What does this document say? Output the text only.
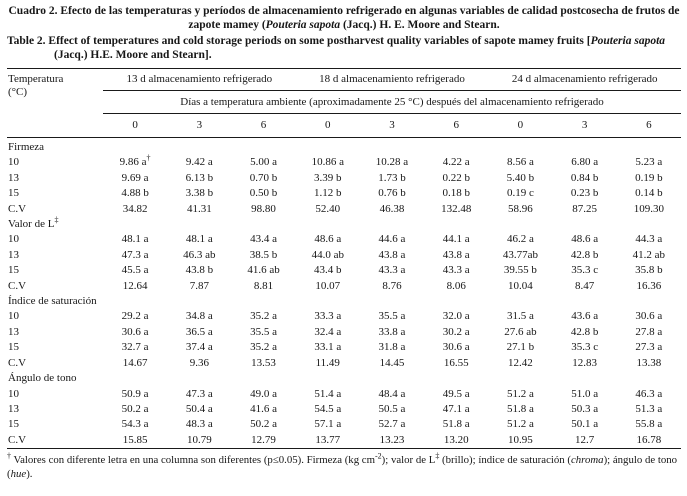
Cuadro 2. Efecto de las temperaturas y períodos de almacenamiento refrigerado en algunas variables de calidad postcosecha de frutos de zapote mamey (Pouteria sapota (Jacq.) H. E. Moore and Stearn.
Table 2. Effect of temperatures and cold storage periods on some postharvest quality variables of sapote mamey fruits [Pouteria sapota (Jacq.) H.E. Moore and Stearn].
Temperatura (°C)	13 d almacenamiento refrigerado			18 d almacenamiento refrigerado			24 d almacenamiento refrigerado		
	Días a temperatura ambiente (aproximadamente 25 °C) después del almacenamiento refrigerado								
	0	3	6	0	3	6	0	3	6
Firmeza									
10	9.86 a†	9.42 a	5.00 a	10.86 a	10.28 a	4.22 a	8.56 a	6.80 a	5.23 a
13	9.69 a	6.13 b	0.70 b	3.39 b	1.73 b	0.22 b	5.40 b	0.84 b	0.19 b
15	4.88 b	3.38 b	0.50 b	1.12 b	0.76 b	0.18 b	0.19 c	0.23 b	0.14 b
C.V	34.82	41.31	98.80	52.40	46.38	132.48	58.96	87.25	109.30
Valor de L‡	
10	48.1 a	48.1 a	43.4 a	48.6 a	44.6 a	44.1 a	46.2 a	48.6 a	44.3 a
13	47.3 a	46.3 ab	38.5 b	44.0 ab	43.8 a	43.8 a	43.77ab	42.8 b	41.2 ab
15	45.5 a	43.8 b	41.6 ab	43.4 b	43.3 a	43.3 a	39.55 b	35.3 c	35.8 b
C.V	12.64	7.87	8.81	10.07	8.76	8.06	10.04	8.47	16.36
Índice de saturación									
10	29.2 a	34.8 a	35.2 a	33.3 a	35.5 a	32.0 a	31.5 a	43.6 a	30.6 a
13	30.6 a	36.5 a	35.5 a	32.4 a	33.8 a	30.2 a	27.6 ab	42.8 b	27.8 a
15	32.7 a	37.4 a	35.2 a	33.1 a	31.8 a	30.6 a	27.1 b	35.3 c	27.3 a
C.V	14.67	9.36	13.53	11.49	14.45	16.55	12.42	12.83	13.38
Ángulo de tono									
10	50.9 a	47.3 a	49.0 a	51.4 a	48.4 a	49.5 a	51.2 a	51.0 a	46.3 a
13	50.2 a	50.4 a	41.6 a	54.5 a	50.5 a	47.1 a	51.8 a	50.3 a	51.3 a
15	54.3 a	48.3 a	50.2 a	57.1 a	52.7 a	51.8 a	51.2 a	50.1 a	55.8 a
C.V	15.85	10.79	12.79	13.77	13.23	13.20	10.95	12.7	16.78
† Valores con diferente letra en una columna son diferentes (p≤0.05). Firmeza (kg $cm^{-2}$); valor de L‡ (brillo); índice de saturación (chroma); ángulo de tono (hue).
